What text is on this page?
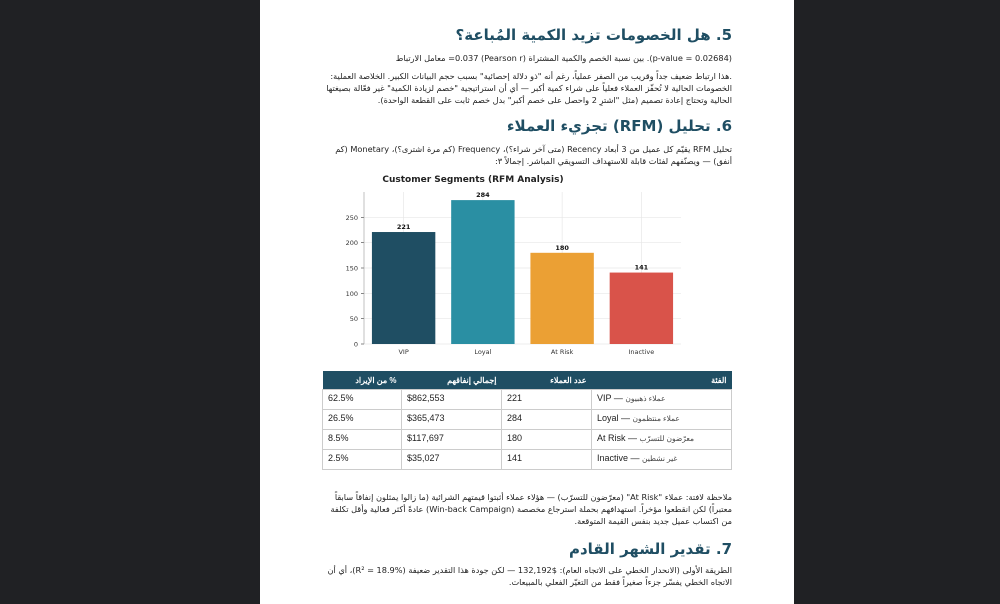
5. هل الخصومات تزيد الكمية المُباعة؟

(p-value = 0.02684). بين نسبة الخصم والكمية المشتراة (Pearson r) 0.037= معامل الارتباط

.هذا ارتباط ضعيف جداً وقريب من الصفر عملياً، رغم أنه "ذو دلالة إحصائية" بسبب حجم البيانات الكبير. الخلاصة العملية: الخصومات الحالية لا تُحفّز العملاء فعلياً على شراء كمية أكبر — أي أن استراتيجية "خصم لزيادة الكمية" غير فعّالة بصيغتها الحالية وتحتاج إعادة تصميم (مثل "اشترِ 2 واحصل على خصم أكبر" بدل خصم ثابت على القطعة الواحدة).

6. تحليل (RFM) تجزيء العملاء

تحليل RFM يقيّم كل عميل من 3 أبعاد Recency (متى آخر شراء؟)، Frequency (كم مرة اشترى؟)، Monetary (كم أنفق) — ويصنّفهم لفئات قابلة للاستهداف التسويقي المباشر. إجمالاً ٣:

ملاحظة لافتة: عملاء "At Risk" (معرّضون للتسرّب) — هؤلاء عملاء أثبتوا قيمتهم الشرائية (ما زالوا يمثلون إنفاقاً سابقاً معتبراً) لكن انقطعوا مؤخراً. استهدافهم بحملة استرجاع مخصصة (Win-back Campaign) عادةً أكثر فعالية وأقل تكلفة من اكتساب عميل جديد بنفس القيمة المتوقعة.

7. تقدير الشهر القادم

الطريقة الأولى (الانحدار الخطي على الاتجاه العام): $132,192 — لكن جودة هذا التقدير ضعيفة (R² = 18.9%)، أي أن الاتجاه الخطي يفسّر جزءاً صغيراً فقط من التغيّر الفعلي بالمبيعات.

Customer Segments (RFM Analysis)
221
284
180
141
0
50
100
150
200
250
VIP	Loyal	At Risk	Inactive
الفئة	عدد العملاء	إجمالي إنفاقهم	% من الإيراد
VIP — عملاء ذهبيون	221	$862,553	62.5%
Loyal — عملاء منتظمون	284	$365,473	26.5%
At Risk — معرّضون للتسرّب	180	$117,697	8.5%
Inactive — غير نشطين	141	$35,027	2.5%
